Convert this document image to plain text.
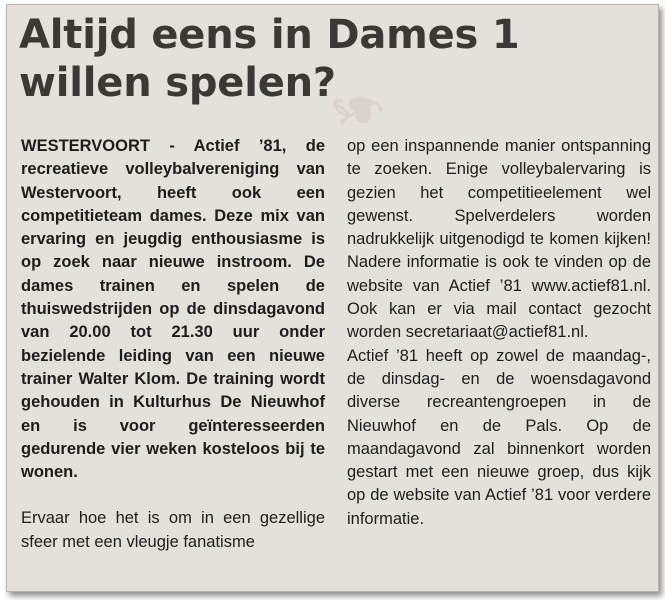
❧
Altijd eens in Dames 1 willen spelen?

WESTERVOORT - Actief ’81, de recreatieve volleybalvereniging van Westervoort, heeft ook een competitieteam dames. Deze mix van ervaring en jeugdig enthousiasme is op zoek naar nieuwe instroom. De dames trainen en spelen de thuiswedstrijden op de dinsdagavond van 20.00 tot 21.30 uur onder bezielende leiding van een nieuwe trainer Walter Klom. De training wordt gehouden in Kulturhus De Nieuwhof en is voor geïnteresseerden gedurende vier weken kosteloos bij te wonen.

Ervaar hoe het is om in een gezellige sfeer met een vleugje fanatisme

op een inspannende manier ontspanning te zoeken. Enige volleybalervaring is gezien het competitieelement wel gewenst. Spelverdelers worden nadrukkelijk uitgenodigd te komen kijken! Nadere informatie is ook te vinden op de website van Actief ’81 www.actief81.nl. Ook kan er via mail contact gezocht worden secretariaat@actief81.nl.

Actief ’81 heeft op zowel de maandag-, de dinsdag- en de woensdagavond diverse recreantengroepen in de Nieuwhof en de Pals. Op de maandagavond zal binnenkort worden gestart met een nieuwe groep, dus kijk op de website van Actief ’81 voor verdere informatie.
